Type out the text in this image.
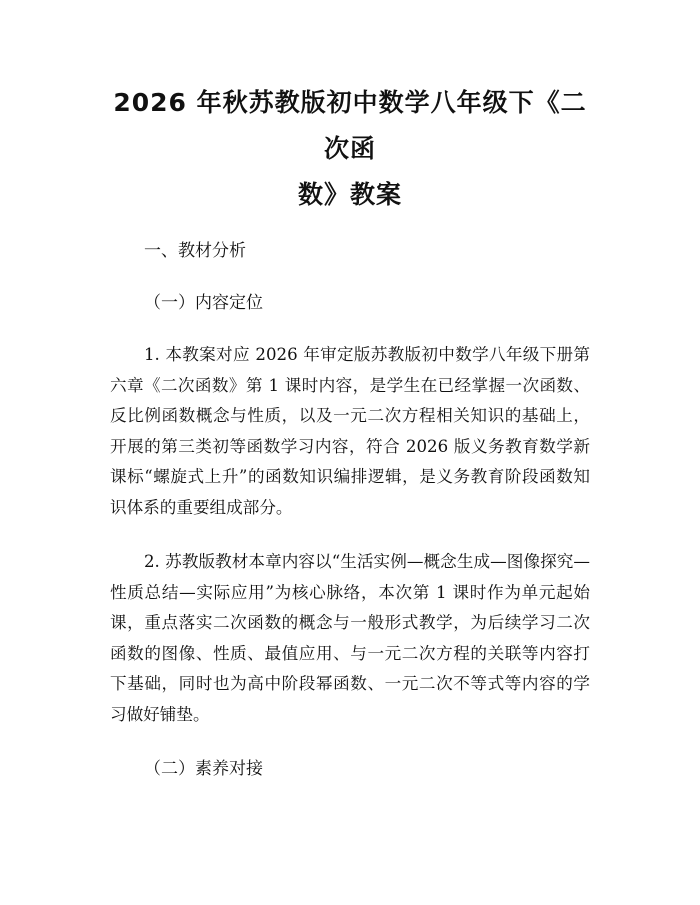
2026 年秋苏教版初中数学八年级下《二次函
数》教案
一、教材分析
（一）内容定位

1. 本教案对应 2026 年审定版苏教版初中数学八年级下册第六章《二次函数》第 1 课时内容，是学生在已经掌握一次函数、反比例函数概念与性质，以及一元二次方程相关知识的基础上，开展的第三类初等函数学习内容，符合 2026 版义务教育数学新课标“螺旋式上升”的函数知识编排逻辑，是义务教育阶段函数知识体系的重要组成部分。

2. 苏教版教材本章内容以“生活实例—概念生成—图像探究—性质总结—实际应用”为核心脉络，本次第 1 课时作为单元起始课，重点落实二次函数的概念与一般形式教学，为后续学习二次函数的图像、性质、最值应用、与一元二次方程的关联等内容打下基础，同时也为高中阶段幂函数、一元二次不等式等内容的学习做好铺垫。

（二）素养对接
